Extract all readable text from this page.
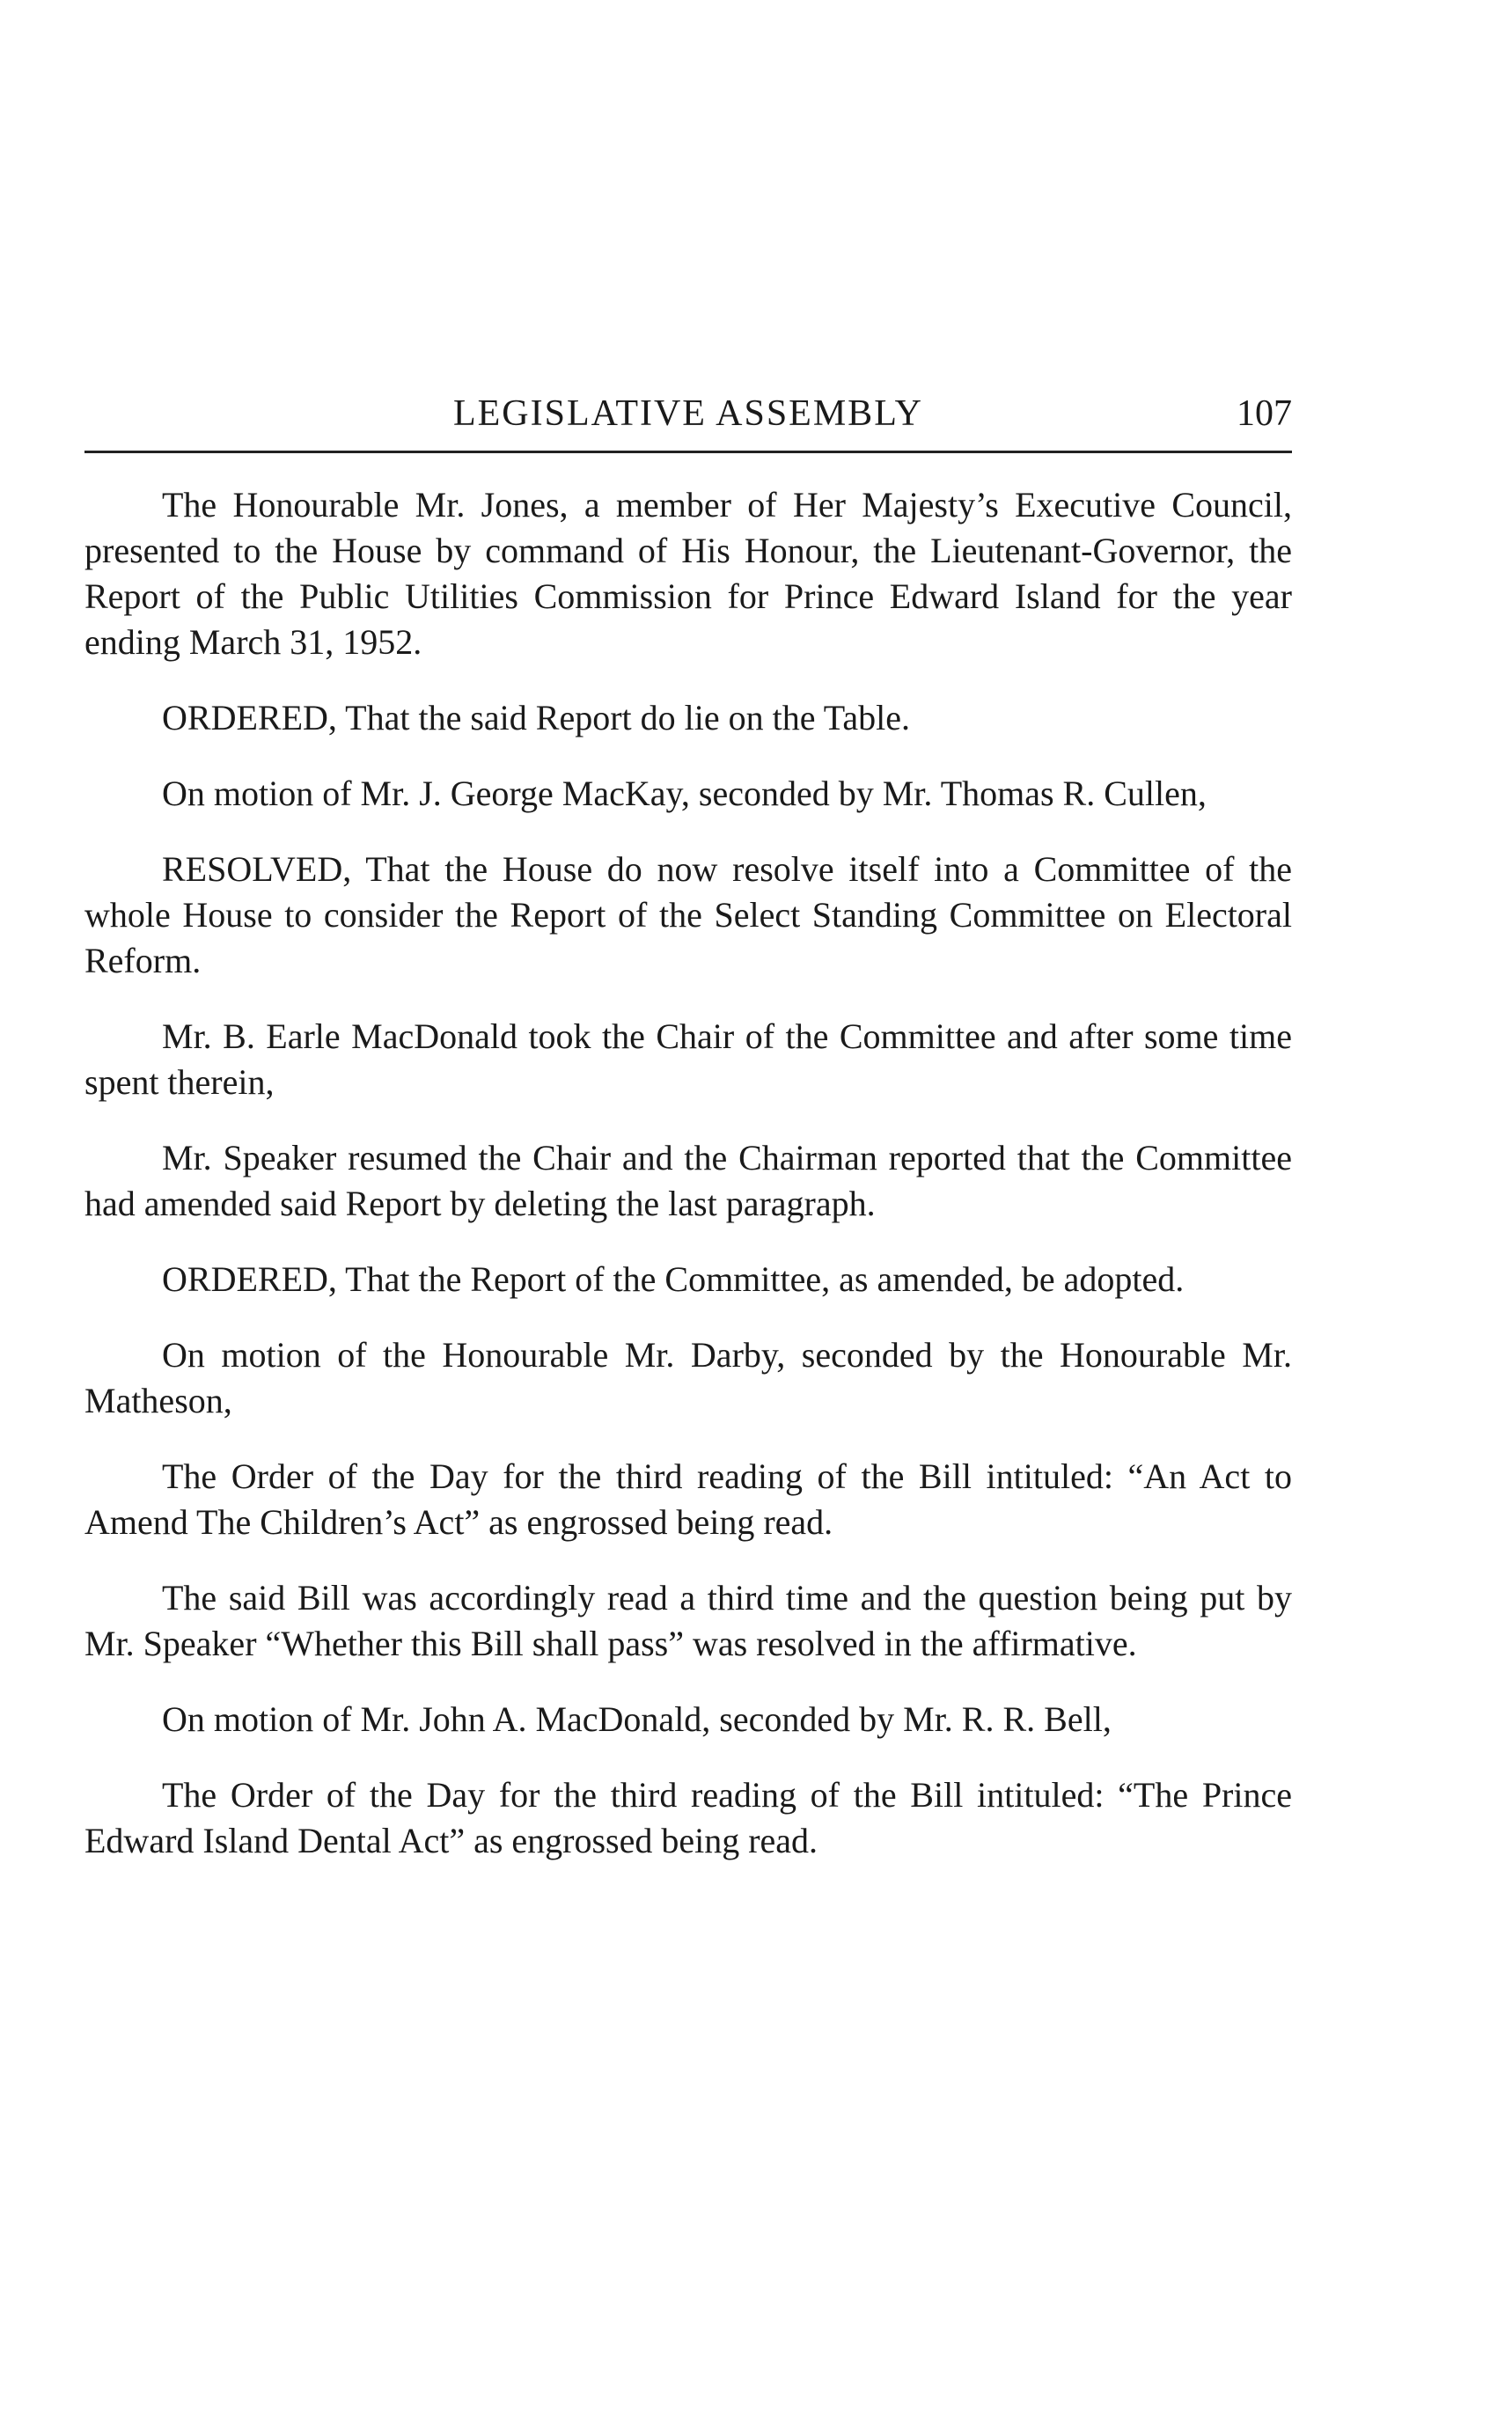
LEGISLATIVE ASSEMBLY	107

The Honourable Mr. Jones, a member of Her Majesty’s Executive Council, presented to the House by command of His Honour, the Lieutenant-Governor, the Report of the Public Utilities Commission for Prince Edward Island for the year ending March 31, 1952.

ORDERED, That the said Report do lie on the Table.

On motion of Mr. J. George MacKay, seconded by Mr. Thomas R. Cullen,

RESOLVED, That the House do now resolve itself into a Committee of the whole House to consider the Report of the Select Standing Committee on Electoral Reform.

Mr. B. Earle MacDonald took the Chair of the Committee and after some time spent therein,

Mr. Speaker resumed the Chair and the Chairman reported that the Committee had amended said Report by deleting the last paragraph.

ORDERED, That the Report of the Committee, as amended, be adopted.

On motion of the Honourable Mr. Darby, seconded by the Honourable Mr. Matheson,

The Order of the Day for the third reading of the Bill intituled: “An Act to Amend The Children’s Act” as engrossed being read.

The said Bill was accordingly read a third time and the question being put by Mr. Speaker “Whether this Bill shall pass” was resolved in the affirmative.

On motion of Mr. John A. MacDonald, seconded by Mr. R. R. Bell,

The Order of the Day for the third reading of the Bill intituled: “The Prince Edward Island Dental Act” as engrossed being read.
